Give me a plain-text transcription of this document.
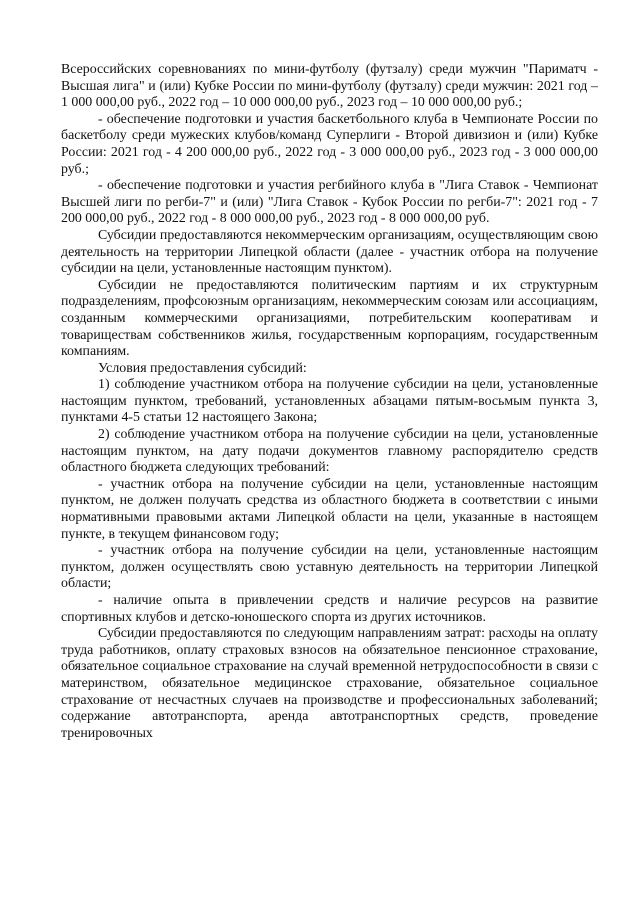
Всероссийских соревнованиях по мини-футболу (футзалу) среди мужчин "Париматч - Высшая лига" и (или) Кубке России по мини-футболу (футзалу) среди мужчин: 2021 год – 1 000 000,00 руб., 2022 год – 10 000 000,00 руб., 2023 год – 10 000 000,00 руб.;

- обеспечение подготовки и участия баскетбольного клуба в Чемпионате России по баскетболу среди мужеских клубов/команд Суперлиги - Второй дивизион и (или) Кубке России: 2021 год - 4 200 000,00 руб., 2022 год - 3 000 000,00 руб., 2023 год - 3 000 000,00 руб.;

- обеспечение подготовки и участия регбийного клуба в "Лига Ставок - Чемпионат Высшей лиги по регби-7" и (или) "Лига Ставок - Кубок России по регби-7": 2021 год - 7 200 000,00 руб., 2022 год - 8 000 000,00 руб., 2023 год - 8 000 000,00 руб.

Субсидии предоставляются некоммерческим организациям, осуществляющим свою деятельность на территории Липецкой области (далее - участник отбора на получение субсидии на цели, установленные настоящим пунктом).

Субсидии не предоставляются политическим партиям и их структурным подразделениям, профсоюзным организациям, некоммерческим союзам или ассоциациям, созданным коммерческими организациями, потребительским кооперативам и товариществам собственников жилья, государственным корпорациям, государственным компаниям.

Условия предоставления субсидий:

1) соблюдение участником отбора на получение субсидии на цели, установленные настоящим пунктом, требований, установленных абзацами пятым-восьмым пункта 3, пунктами 4-5 статьи 12 настоящего Закона;

2) соблюдение участником отбора на получение субсидии на цели, установленные настоящим пунктом, на дату подачи документов главному распорядителю средств областного бюджета следующих требований:

- участник отбора на получение субсидии на цели, установленные настоящим пунктом, не должен получать средства из областного бюджета в соответствии с иными нормативными правовыми актами Липецкой области на цели, указанные в настоящем пункте, в текущем финансовом году;

- участник отбора на получение субсидии на цели, установленные настоящим пунктом, должен осуществлять свою уставную деятельность на территории Липецкой области;

- наличие опыта в привлечении средств и наличие ресурсов на развитие спортивных клубов и детско-юношеского спорта из других источников.

Субсидии предоставляются по следующим направлениям затрат: расходы на оплату труда работников, оплату страховых взносов на обязательное пенсионное страхование, обязательное социальное страхование на случай временной нетрудоспособности в связи с материнством, обязательное медицинское страхование, обязательное социальное страхование от несчастных случаев на производстве и профессиональных заболеваний; содержание автотранспорта, аренда автотранспортных средств, проведение тренировочных
